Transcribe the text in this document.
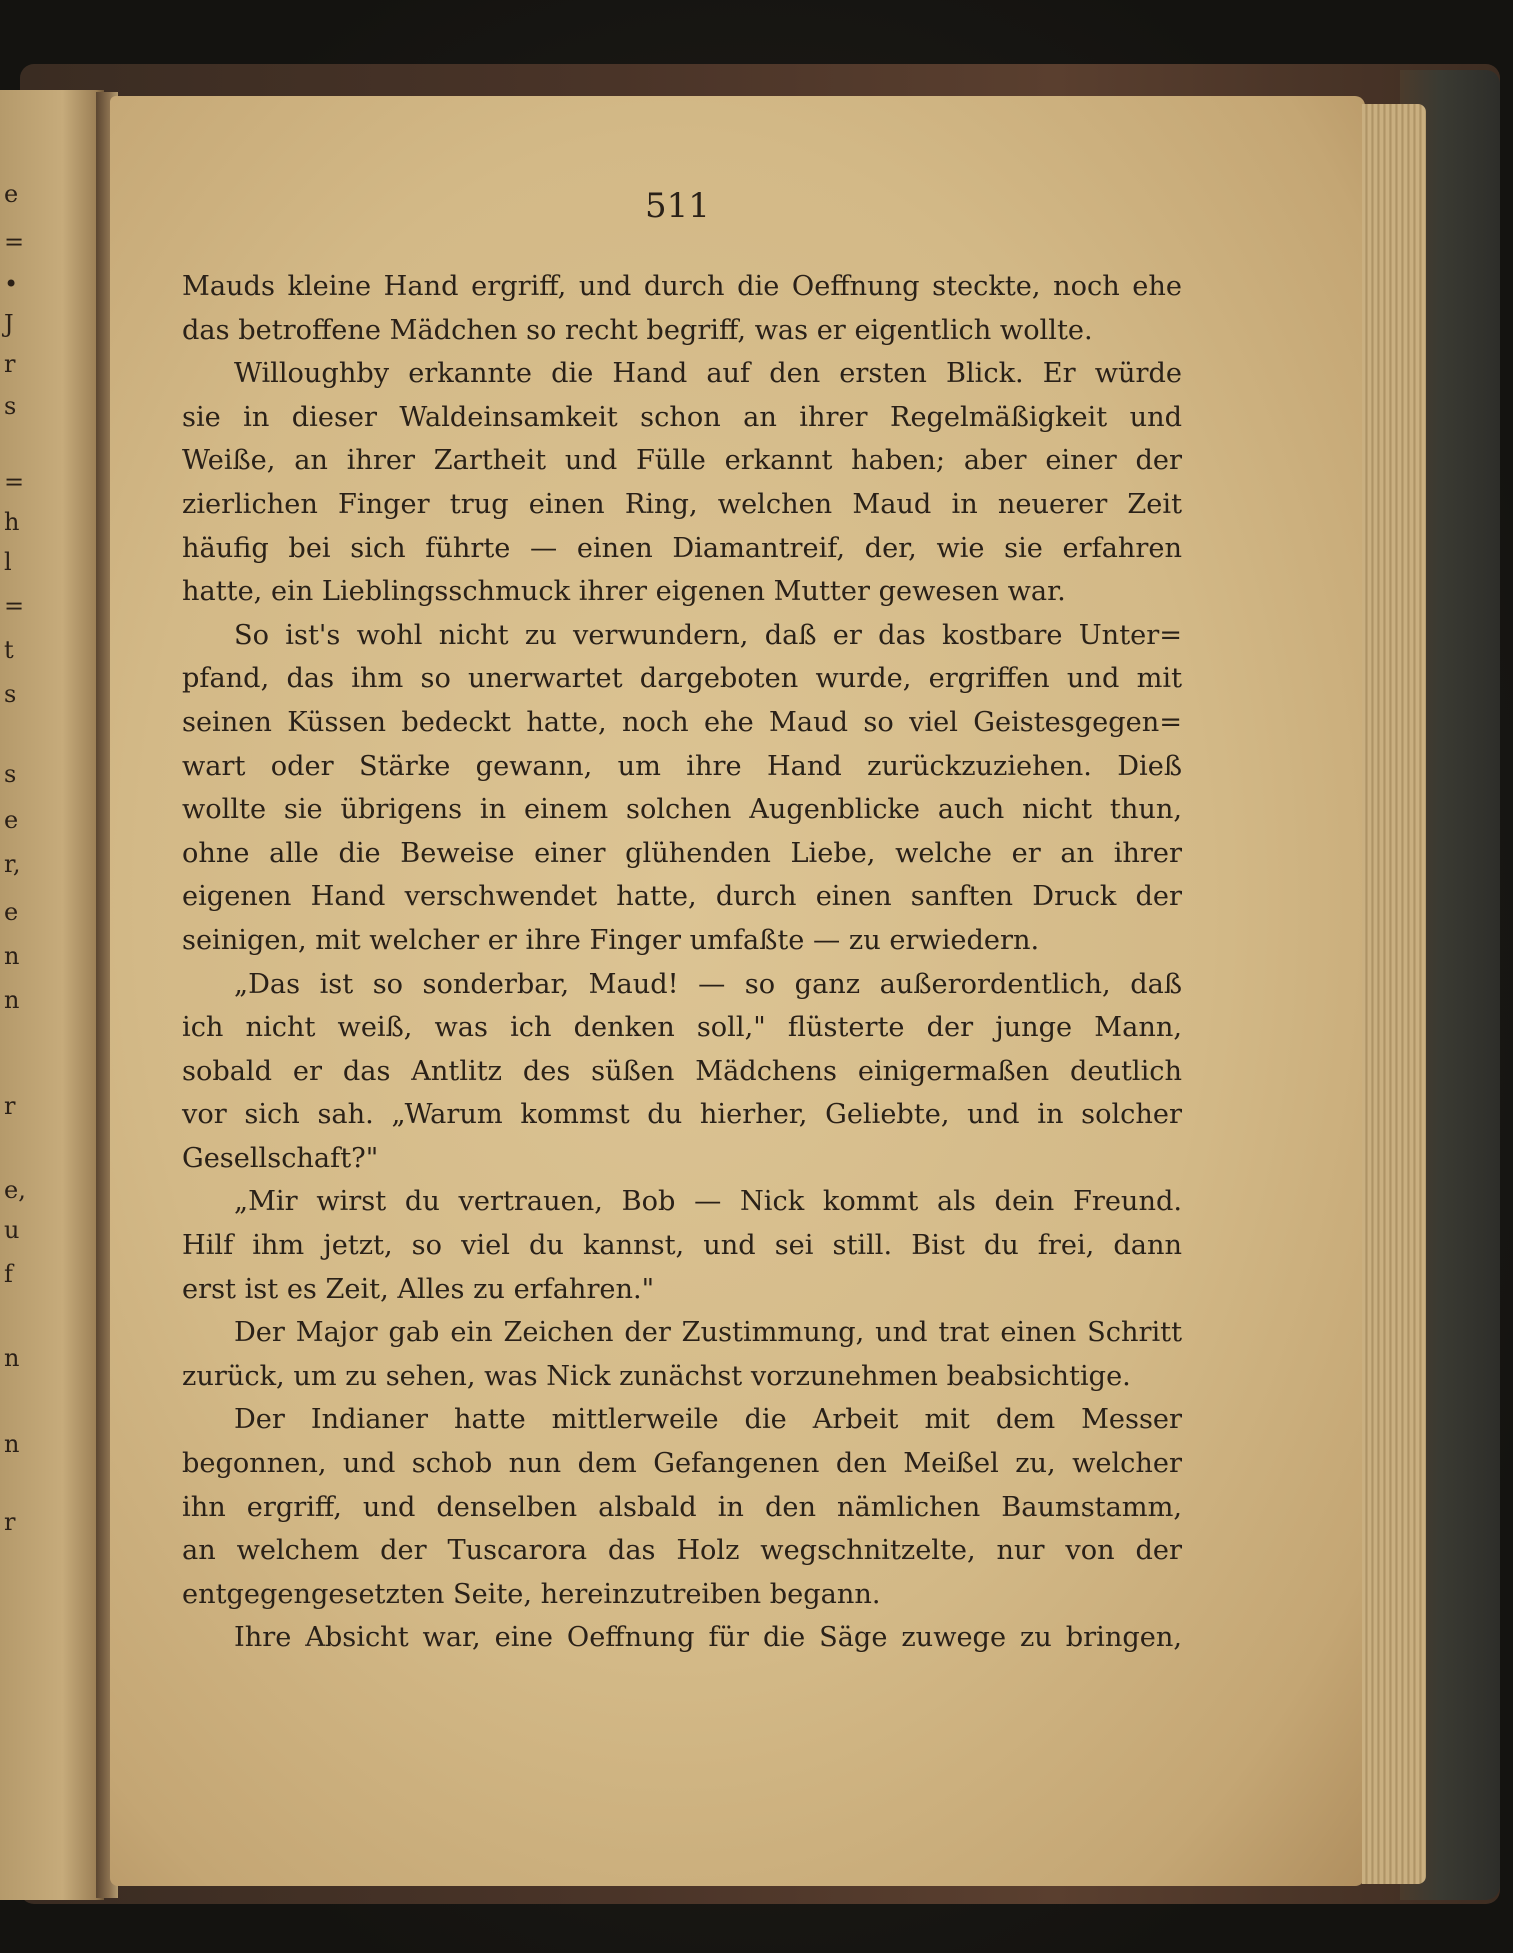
e
=
•
J
r
s
=
h
l
=
t
s
s
e
r,
e
n
n
r
e,
u
f
n
n
r
511
Mauds kleine Hand ergriff, und durch die Oeffnung steckte, noch ehe
das betroffene Mädchen so recht begriff, was er eigentlich wollte.
Willoughby erkannte die Hand auf den ersten Blick. Er würde
sie in dieser Waldeinsamkeit schon an ihrer Regelmäßigkeit und
Weiße, an ihrer Zartheit und Fülle erkannt haben; aber einer der
zierlichen Finger trug einen Ring, welchen Maud in neuerer Zeit
häufig bei sich führte — einen Diamantreif, der, wie sie erfahren
hatte, ein Lieblingsschmuck ihrer eigenen Mutter gewesen war.
So ist's wohl nicht zu verwundern, daß er das kostbare Unter=
pfand, das ihm so unerwartet dargeboten wurde, ergriffen und mit
seinen Küssen bedeckt hatte, noch ehe Maud so viel Geistesgegen=
wart oder Stärke gewann, um ihre Hand zurückzuziehen. Dieß
wollte sie übrigens in einem solchen Augenblicke auch nicht thun,
ohne alle die Beweise einer glühenden Liebe, welche er an ihrer
eigenen Hand verschwendet hatte, durch einen sanften Druck der
seinigen, mit welcher er ihre Finger umfaßte — zu erwiedern.
„Das ist so sonderbar, Maud! — so ganz außerordentlich, daß
ich nicht weiß, was ich denken soll," flüsterte der junge Mann,
sobald er das Antlitz des süßen Mädchens einigermaßen deutlich
vor sich sah. „Warum kommst du hierher, Geliebte, und in solcher
Gesellschaft?"
„Mir wirst du vertrauen, Bob — Nick kommt als dein Freund.
Hilf ihm jetzt, so viel du kannst, und sei still. Bist du frei, dann
erst ist es Zeit, Alles zu erfahren."
Der Major gab ein Zeichen der Zustimmung, und trat einen Schritt
zurück, um zu sehen, was Nick zunächst vorzunehmen beabsichtige.
Der Indianer hatte mittlerweile die Arbeit mit dem Messer
begonnen, und schob nun dem Gefangenen den Meißel zu, welcher
ihn ergriff, und denselben alsbald in den nämlichen Baumstamm,
an welchem der Tuscarora das Holz wegschnitzelte, nur von der
entgegengesetzten Seite, hereinzutreiben begann.
Ihre Absicht war, eine Oeffnung für die Säge zuwege zu bringen,
